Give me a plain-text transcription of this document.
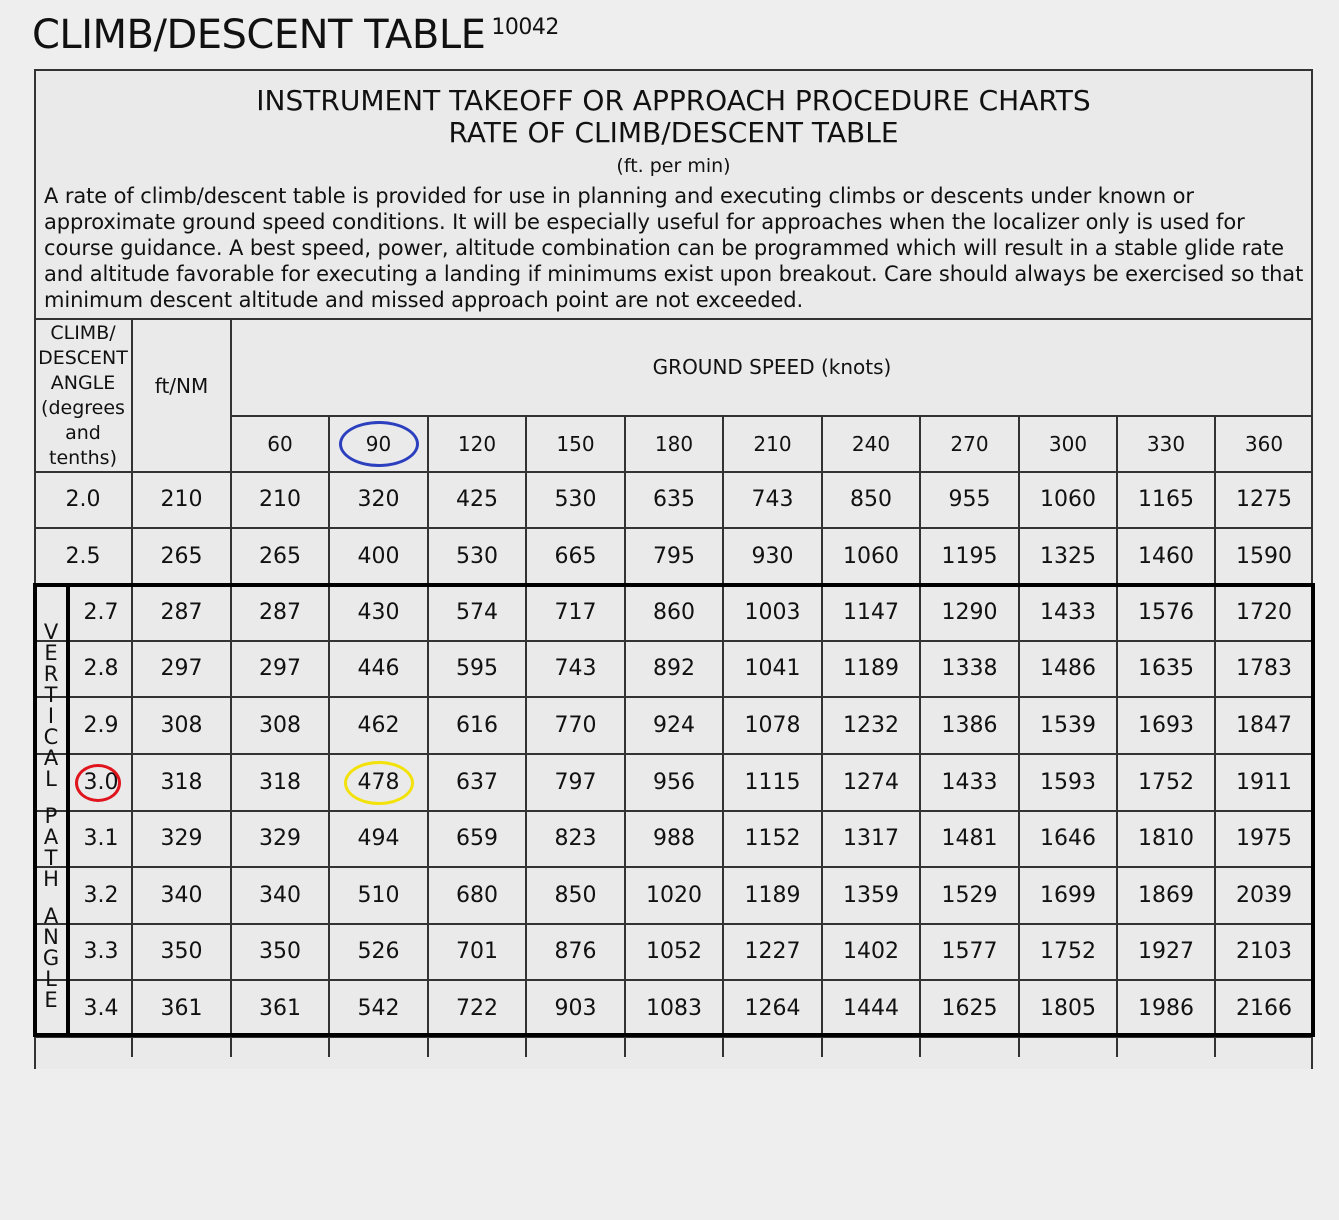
CLIMB/DESCENT TABLE $^{10042}$
INSTRUMENT TAKEOFF OR APPROACH PROCEDURE CHARTS
RATE OF CLIMB/DESCENT TABLE
(ft. per min)
A rate of climb/descent table is provided for use in planning and executing climbs or descents under known or approximate ground speed conditions. It will be especially useful for approaches when the localizer only is used for course guidance. A best speed, power, altitude combination can be programmed which will result in a stable glide rate and altitude favorable for executing a landing if minimums exist upon breakout. Care should always be exercised so that minimum descent altitude and missed approach point are not exceeded.
CLIMB/
DESCENT
ANGLE
(degrees
and
tenths)
ft/NM
GROUND SPEED (knots)
60	90	120	150	180	210	240	270	300	330	360
2.0	210	210	320	425	530	635	743	850	955	1060	1165	1275
2.5	265	265	400	530	665	795	930	1060	1195	1325	1460	1590
2.7	287	287	430	574	717	860	1003	1147	1290	1433	1576	1720
2.8	297	297	446	595	743	892	1041	1189	1338	1486	1635	1783
2.9	308	308	462	616	770	924	1078	1232	1386	1539	1693	1847
3.0	318	318	478	637	797	956	1115	1274	1433	1593	1752	1911
3.1	329	329	494	659	823	988	1152	1317	1481	1646	1810	1975
3.2	340	340	510	680	850	1020	1189	1359	1529	1699	1869	2039
3.3	350	350	526	701	876	1052	1227	1402	1577	1752	1927	2103
3.4	361	361	542	722	903	1083	1264	1444	1625	1805	1986	2166
V
E
R
T
I
C
A
L

P
A
T
H

A
N
G
L
E
